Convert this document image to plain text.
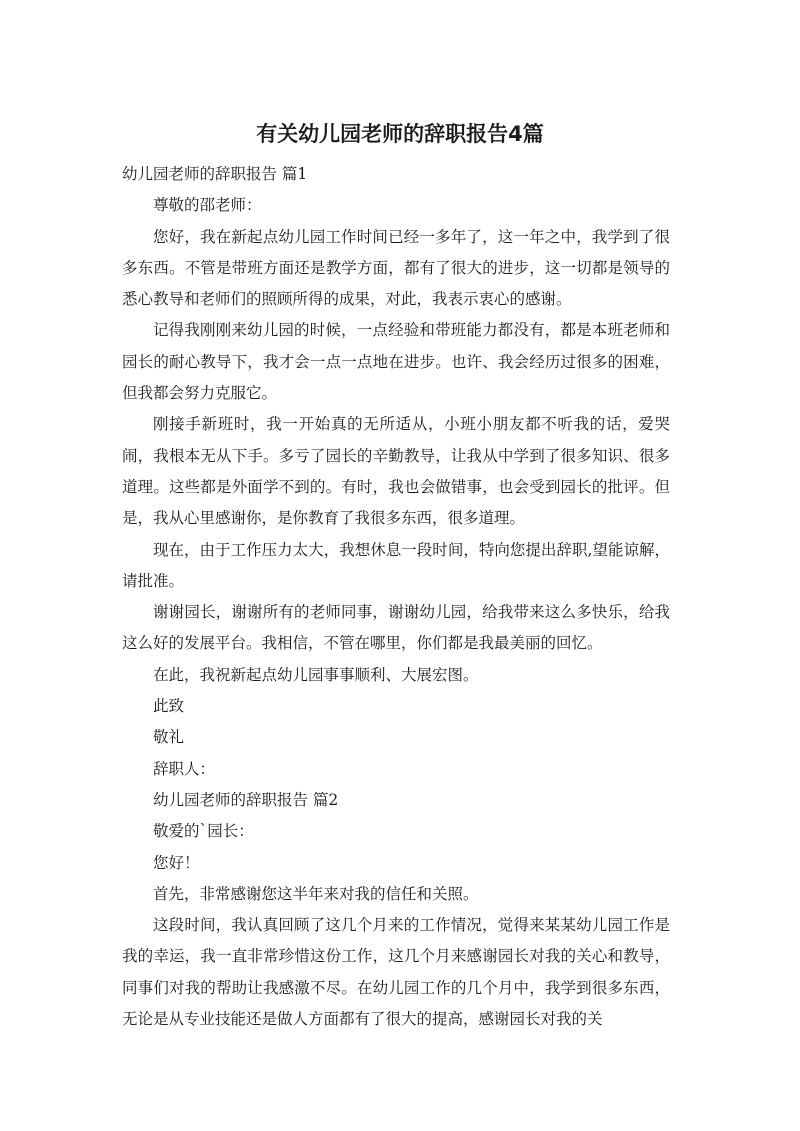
有关幼儿园老师的辞职报告4篇

幼儿园老师的辞职报告 篇1

尊敬的邵老师：

您好，我在新起点幼儿园工作时间已经一多年了，这一年之中，我学到了很多东西。不管是带班方面还是教学方面，都有了很大的进步，这一切都是领导的悉心教导和老师们的照顾所得的成果，对此，我表示衷心的感谢。

记得我刚刚来幼儿园的时候，一点经验和带班能力都没有，都是本班老师和园长的耐心教导下，我才会一点一点地在进步。也许、我会经历过很多的困难，但我都会努力克服它。

刚接手新班时，我一开始真的无所适从，小班小朋友都不听我的话，爱哭闹，我根本无从下手。多亏了园长的辛勤教导，让我从中学到了很多知识、很多道理。这些都是外面学不到的。有时，我也会做错事，也会受到园长的批评。但是，我从心里感谢你，是你教育了我很多东西，很多道理。

现在，由于工作压力太大，我想休息一段时间，特向您提出辞职,望能谅解，请批准。

谢谢园长，谢谢所有的老师同事，谢谢幼儿园，给我带来这么多快乐，给我这么好的发展平台。我相信，不管在哪里，你们都是我最美丽的回忆。

在此，我祝新起点幼儿园事事顺利、大展宏图。

此致

敬礼

辞职人：

幼儿园老师的辞职报告 篇2

敬爱的`园长：

您好！

首先，非常感谢您这半年来对我的信任和关照。

这段时间，我认真回顾了这几个月来的工作情况，觉得来某某幼儿园工作是我的幸运，我一直非常珍惜这份工作，这几个月来感谢园长对我的关心和教导，同事们对我的帮助让我感激不尽。在幼儿园工作的几个月中，我学到很多东西，无论是从专业技能还是做人方面都有了很大的提高，感谢园长对我的关
